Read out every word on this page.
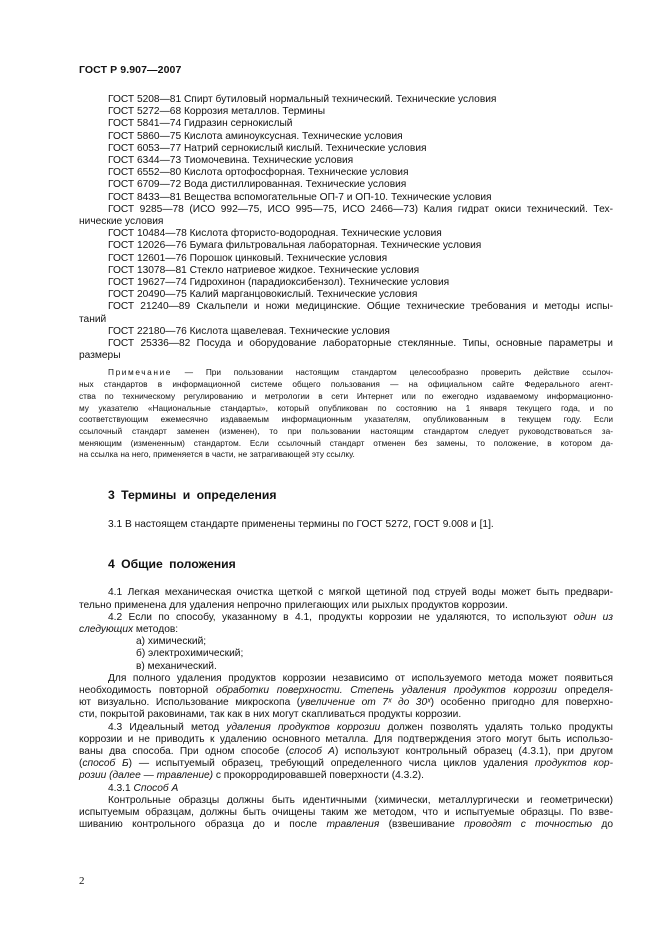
ГОСТ Р 9.907—2007
ГОСТ 5208—81 Спирт бутиловый нормальный технический. Технические условия
ГОСТ 5272—68 Коррозия металлов. Термины
ГОСТ 5841—74 Гидразин сернокислый
ГОСТ 5860—75 Кислота аминоуксусная. Технические условия
ГОСТ 6053—77 Натрий сернокислый кислый. Технические условия
ГОСТ 6344—73 Тиомочевина. Технические условия
ГОСТ 6552—80 Кислота ортофосфорная. Технические условия
ГОСТ 6709—72 Вода дистиллированная. Технические условия
ГОСТ 8433—81 Вещества вспомогательные ОП-7 и ОП-10. Технические условия
ГОСТ 9285—78 (ИСО 992—75, ИСО 995—75, ИСО 2466—73) Калия гидрат окиси технический. Тех-
нические условия
ГОСТ 10484—78 Кислота фтористо-водородная. Технические условия
ГОСТ 12026—76 Бумага фильтровальная лабораторная. Технические условия
ГОСТ 12601—76 Порошок цинковый. Технические условия
ГОСТ 13078—81 Стекло натриевое жидкое. Технические условия
ГОСТ 19627—74 Гидрохинон (парадиоксибензол). Технические условия
ГОСТ 20490—75 Калий марганцовокислый. Технические условия
ГОСТ 21240—89 Скальпели и ножи медицинские. Общие технические требования и методы испы-
таний
ГОСТ 22180—76 Кислота щавелевая. Технические условия
ГОСТ 25336—82 Посуда и оборудование лабораторные стеклянные. Типы, основные параметры и
размеры
Примечание — При пользовании настоящим стандартом целесообразно проверить действие ссылоч-
ных стандартов в информационной системе общего пользования — на официальном сайте Федерального агент-
ства по техническому регулированию и метрологии в сети Интернет или по ежегодно издаваемому информационно-
му указателю «Национальные стандарты», который опубликован по состоянию на 1 января текущего года, и по
соответствующим ежемесячно издаваемым информационным указателям, опубликованным в текущем году. Если
ссылочный стандарт заменен (изменен), то при пользовании настоящим стандартом следует руководствоваться за-
меняющим (измененным) стандартом. Если ссылочный стандарт отменен без замены, то положение, в котором да-
на ссылка на него, применяется в части, не затрагивающей эту ссылку.
3 Термины и определения
3.1 В настоящем стандарте применены термины по ГОСТ 5272, ГОСТ 9.008 и [1].
4 Общие положения
4.1 Легкая механическая очистка щеткой с мягкой щетиной под струей воды может быть предвари-
тельно применена для удаления непрочно прилегающих или рыхлых продуктов коррозии.
4.2 Если по способу, указанному в 4.1, продукты коррозии не удаляются, то используют один из
следующих методов:
а) химический;
б) электрохимический;
в) механический.
Для полного удаления продуктов коррозии независимо от используемого метода может появиться
необходимость повторной обработки поверхности. Степень удаления продуктов коррозии определя-
ют визуально. Использование микроскопа (увеличение от 7ˣ до 30ˣ) особенно пригодно для поверхно-
сти, покрытой раковинами, так как в них могут скапливаться продукты коррозии.
4.3 Идеальный метод удаления продуктов коррозии должен позволять удалять только продукты
коррозии и не приводить к удалению основного металла. Для подтверждения этого могут быть использо-
ваны два способа. При одном способе (способ А) используют контрольный образец (4.3.1), при другом
(способ Б) — испытуемый образец, требующий определенного числа циклов удаления продуктов кор-
розии (далее — травление) с прокорродировавшей поверхности (4.3.2).
4.3.1 Способ А
Контрольные образцы должны быть идентичными (химически, металлургически и геометрически)
испытуемым образцам, должны быть очищены таким же методом, что и испытуемые образцы. По взве-
шиванию контрольного образца до и после травления (взвешивание проводят с точностью до
2
